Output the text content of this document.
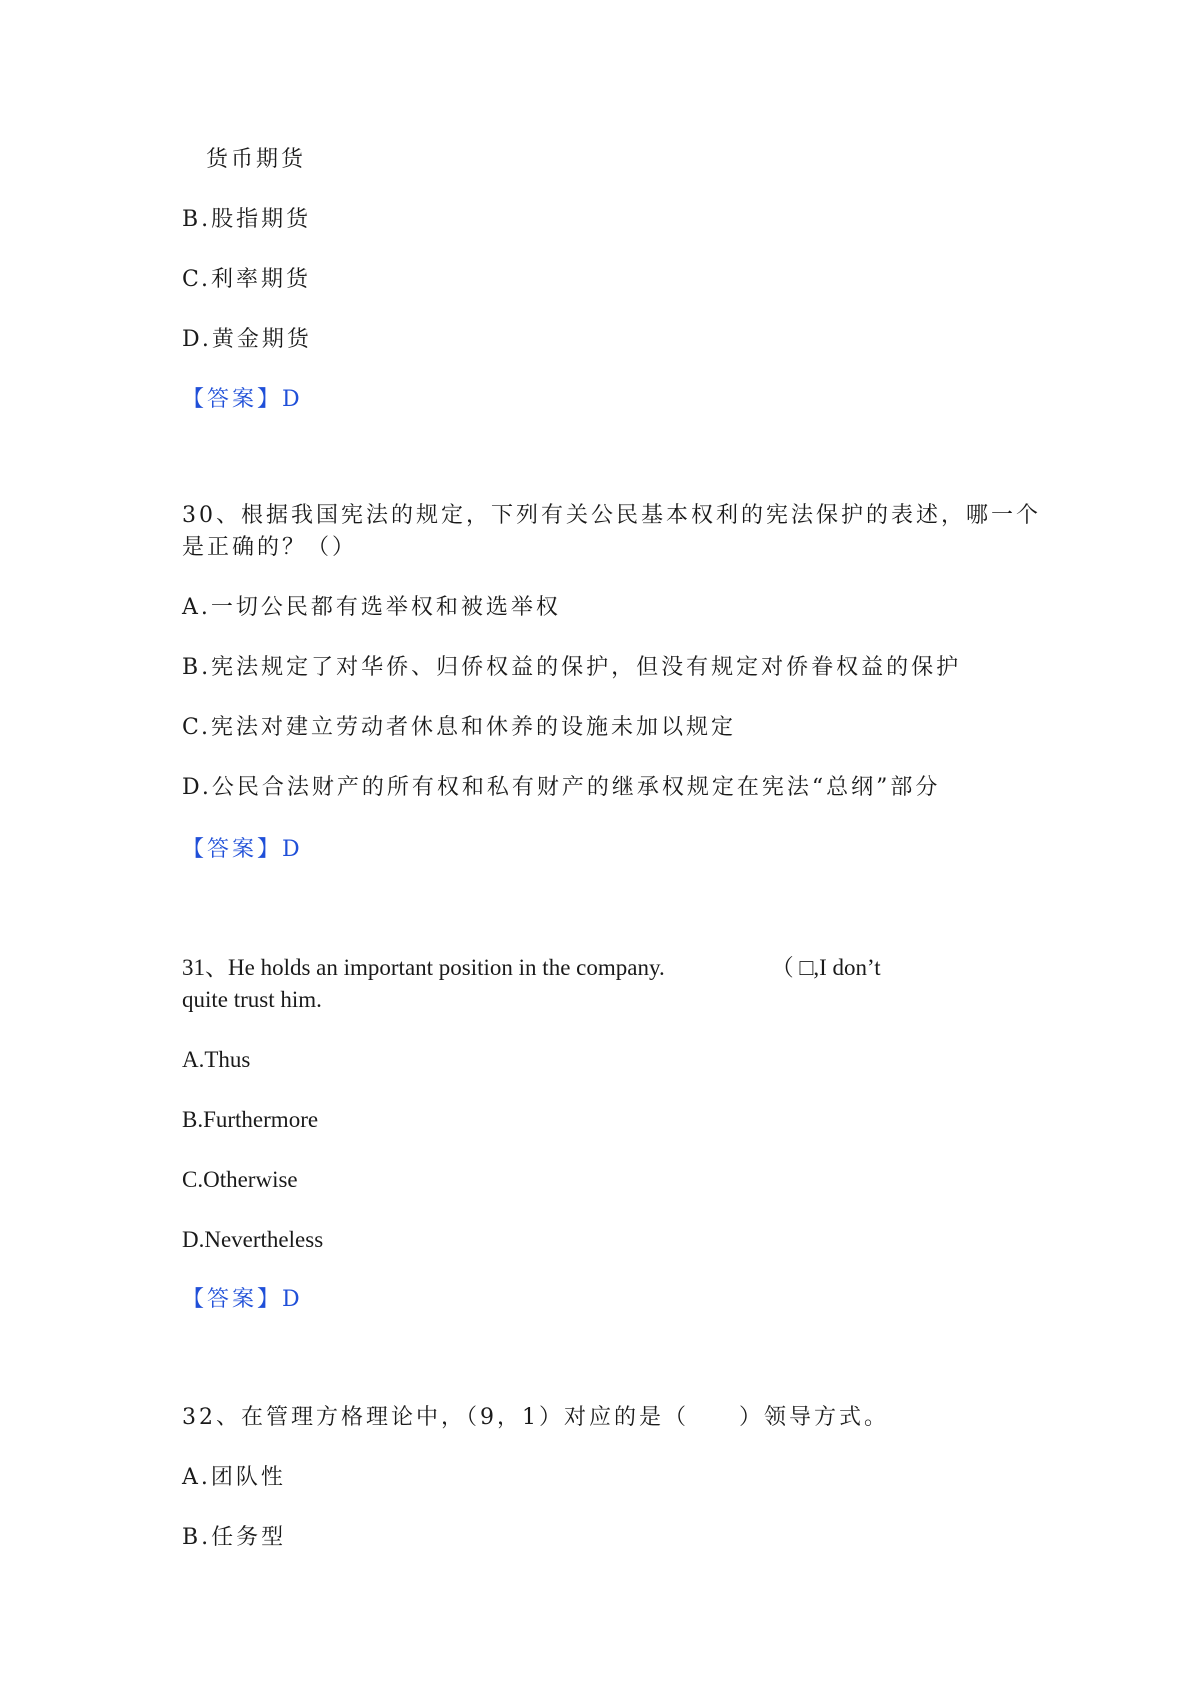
货币期货
B.股指期货
C.利率期货
D.黄金期货
【答案】D
30、根据我国宪法的规定，下列有关公民基本权利的宪法保护的表述，哪一个
是正确的？（）
A.一切公民都有选举权和被选举权
B.宪法规定了对华侨、归侨权益的保护，但没有规定对侨眷权益的保护
C.宪法对建立劳动者休息和休养的设施未加以规定
D.公民合法财产的所有权和私有财产的继承权规定在宪法“总纲”部分
【答案】D
31、He holds an important position in the company.	（ □,I don’t
quite trust him.
A.Thus
B.Furthermore
C.Otherwise
D.Nevertheless
【答案】D
32、在管理方格理论中，（9，1）对应的是（　　）领导方式。
A.团队性
B.任务型
